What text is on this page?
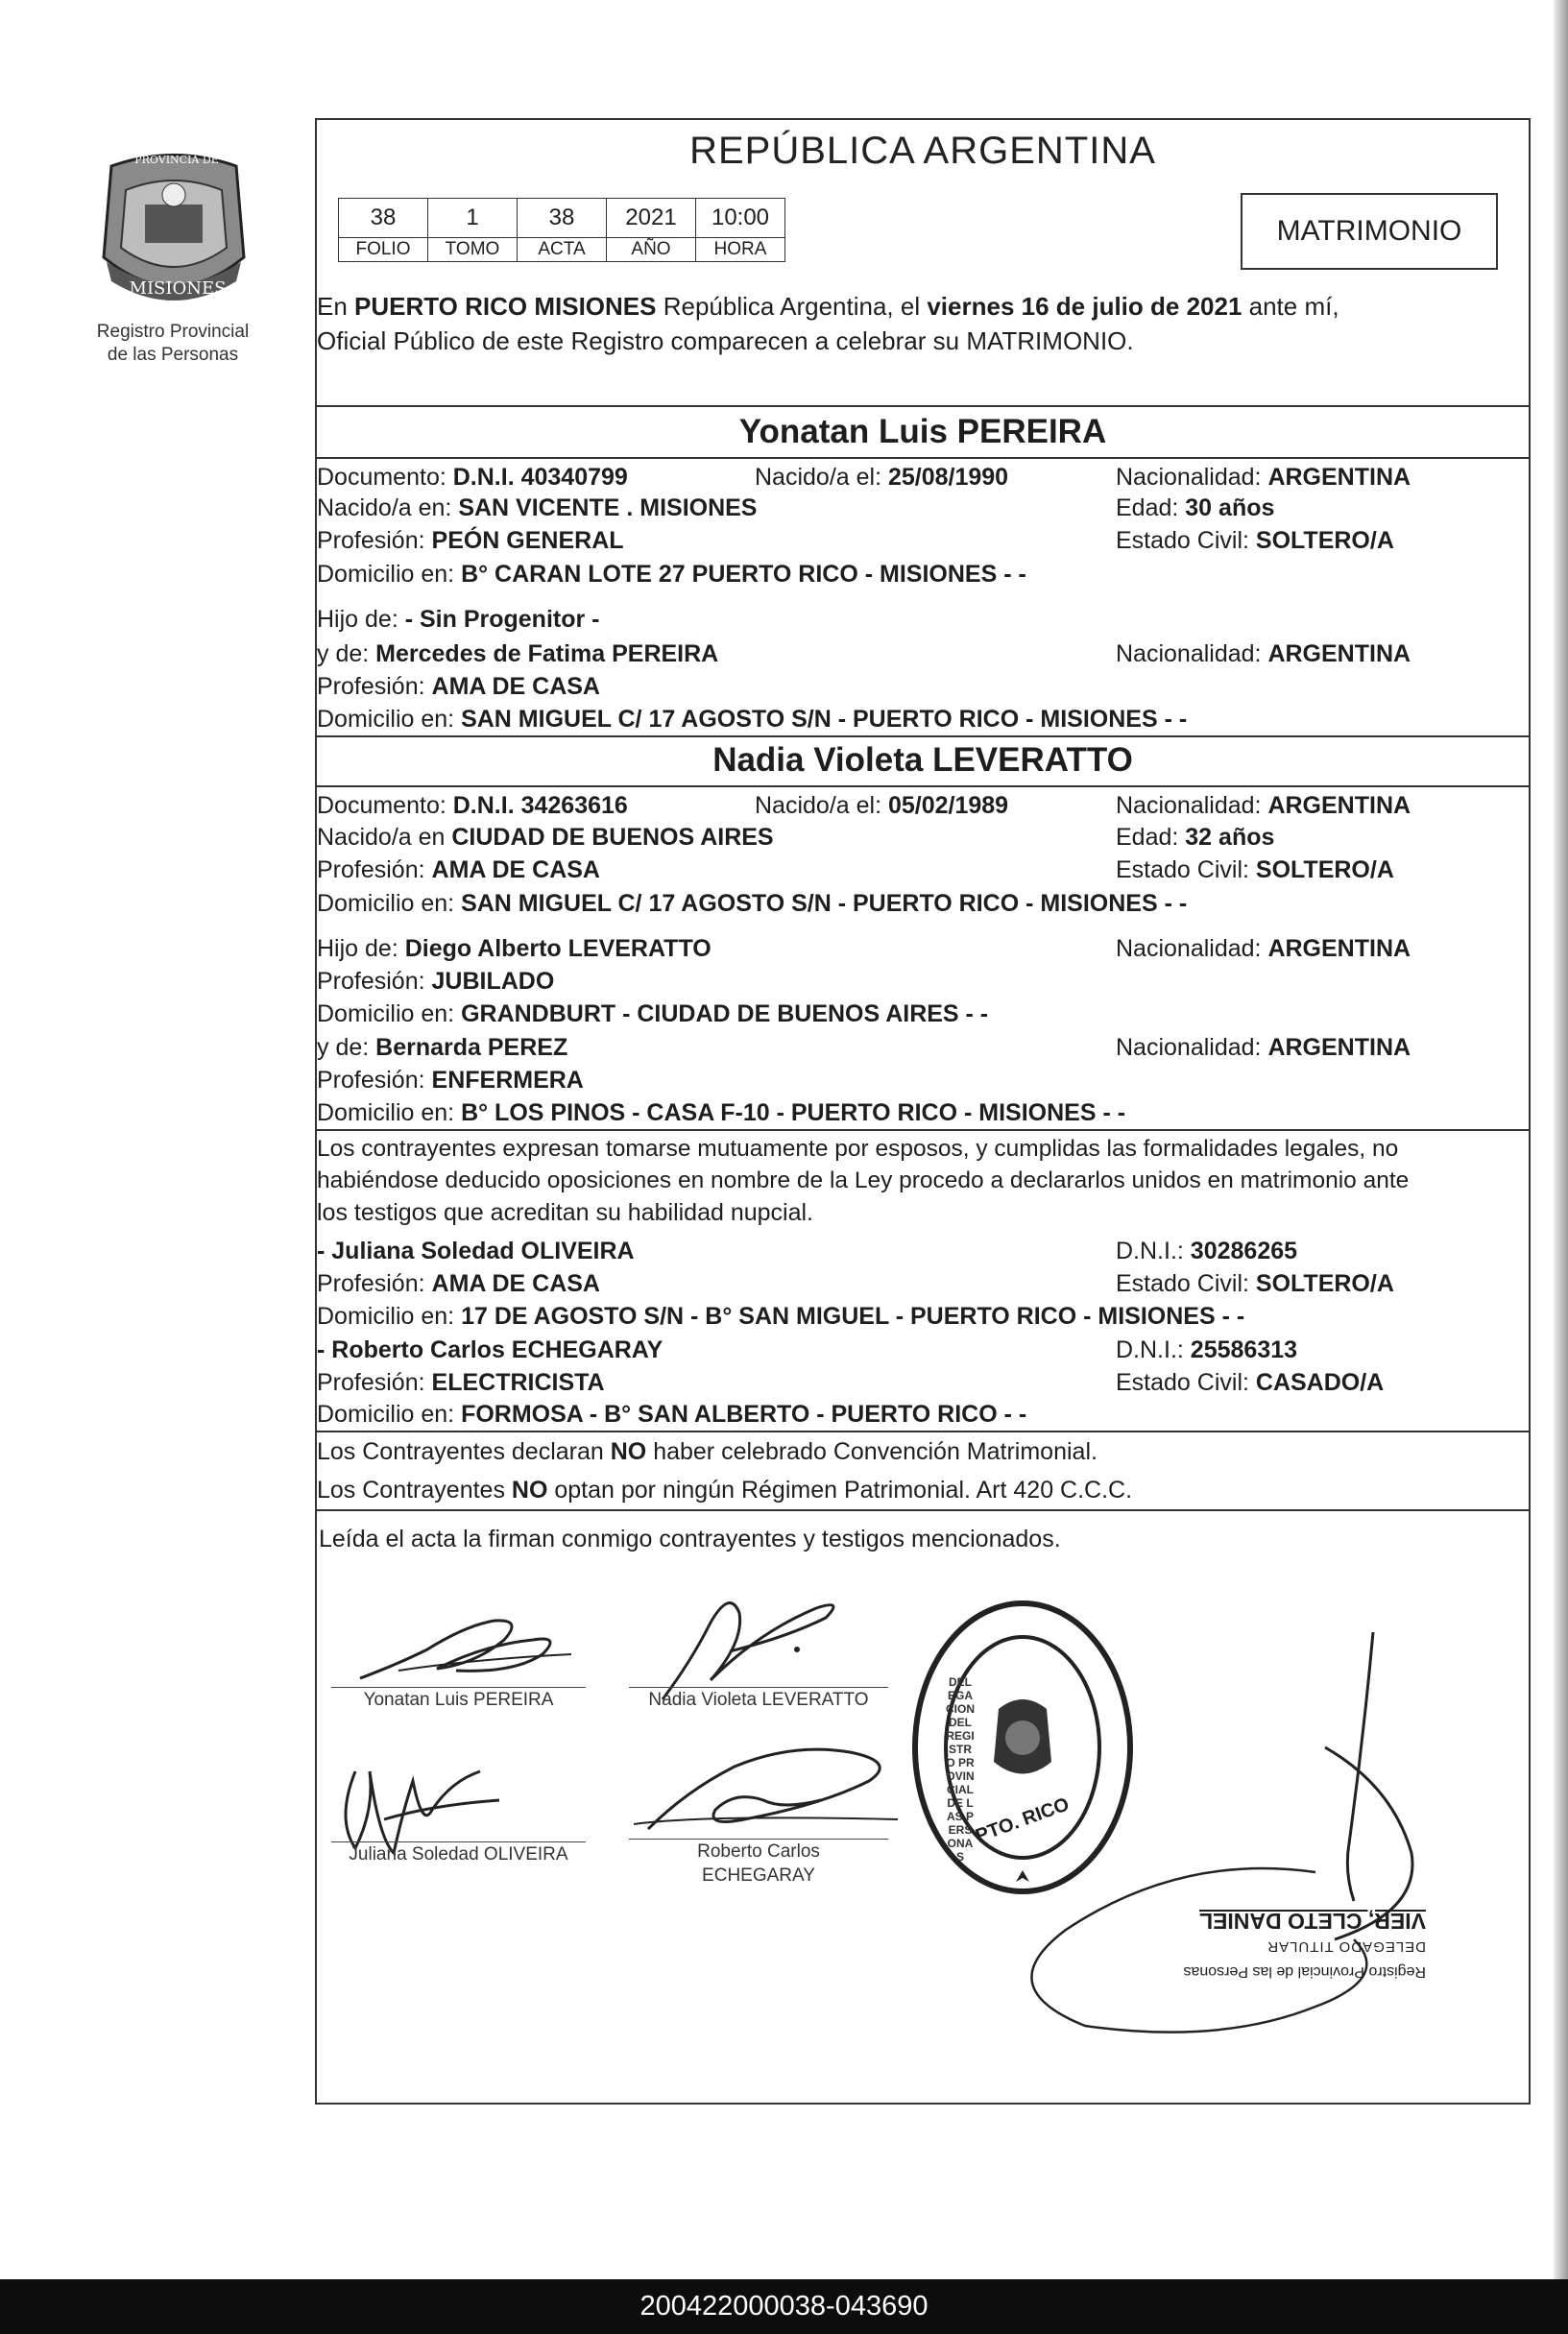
PROVINCIA DE
MISIONES
Registro Provincial
de las Personas
REPÚBLICA ARGENTINA
38	1	38	2021	10:00
FOLIO	TOMO	ACTA	AÑO	HORA
MATRIMONIO
En PUERTO RICO MISIONES República Argentina, el viernes 16 de julio de 2021 ante mí,
Oficial Público de este Registro comparecen a celebrar su MATRIMONIO.
Yonatan Luis PEREIRA
Documento: D.N.I. 40340799	Nacido/a el: 25/08/1990	Nacionalidad: ARGENTINA
Nacido/a en: SAN VICENTE . MISIONES	Edad: 30 años
Profesión: PEÓN GENERAL	Estado Civil: SOLTERO/A
Domicilio en: B° CARAN LOTE 27 PUERTO RICO - MISIONES - -
Hijo de: - Sin Progenitor -
y de: Mercedes de Fatima PEREIRA	Nacionalidad: ARGENTINA
Profesión: AMA DE CASA
Domicilio en: SAN MIGUEL C/ 17 AGOSTO S/N - PUERTO RICO - MISIONES - -
Nadia Violeta LEVERATTO
Documento: D.N.I. 34263616	Nacido/a el: 05/02/1989	Nacionalidad: ARGENTINA
Nacido/a en CIUDAD DE BUENOS AIRES	Edad: 32 años
Profesión: AMA DE CASA	Estado Civil: SOLTERO/A
Domicilio en: SAN MIGUEL C/ 17 AGOSTO S/N - PUERTO RICO - MISIONES - -
Hijo de: Diego Alberto LEVERATTO	Nacionalidad: ARGENTINA
Profesión: JUBILADO
Domicilio en: GRANDBURT - CIUDAD DE BUENOS AIRES - -
y de: Bernarda PEREZ	Nacionalidad: ARGENTINA
Profesión: ENFERMERA
Domicilio en: B° LOS PINOS - CASA F-10 - PUERTO RICO - MISIONES - -
Los contrayentes expresan tomarse mutuamente por esposos, y cumplidas las formalidades legales, no
habiéndose deducido oposiciones en nombre de la Ley procedo a declararlos unidos en matrimonio ante
los testigos que acreditan su habilidad nupcial.
- Juliana Soledad OLIVEIRA	D.N.I.: 30286265
Profesión: AMA DE CASA	Estado Civil: SOLTERO/A
Domicilio en: 17 DE AGOSTO S/N - B° SAN MIGUEL - PUERTO RICO - MISIONES - -
- Roberto Carlos ECHEGARAY	D.N.I.: 25586313
Profesión: ELECTRICISTA	Estado Civil: CASADO/A
Domicilio en: FORMOSA - B° SAN ALBERTO - PUERTO RICO - -
Los Contrayentes declaran NO haber celebrado Convención Matrimonial.
Los Contrayentes NO optan por ningún Régimen Patrimonial. Art 420 C.C.C.
Leída el acta la firman conmigo contrayentes y testigos mencionados.
Yonatan Luis PEREIRA	Nadia Violeta LEVERATTO
Juliana Soledad OLIVEIRA	Roberto Carlos
ECHEGARAY
DELEGACION DEL REGISTRO PROVINCIAL DE LAS PERSONAS
PTO. RICO
Registro Provincial de las Personas
DELEGADO TITULAR
VIER, CLETO DANIEL
200422000038-043690
